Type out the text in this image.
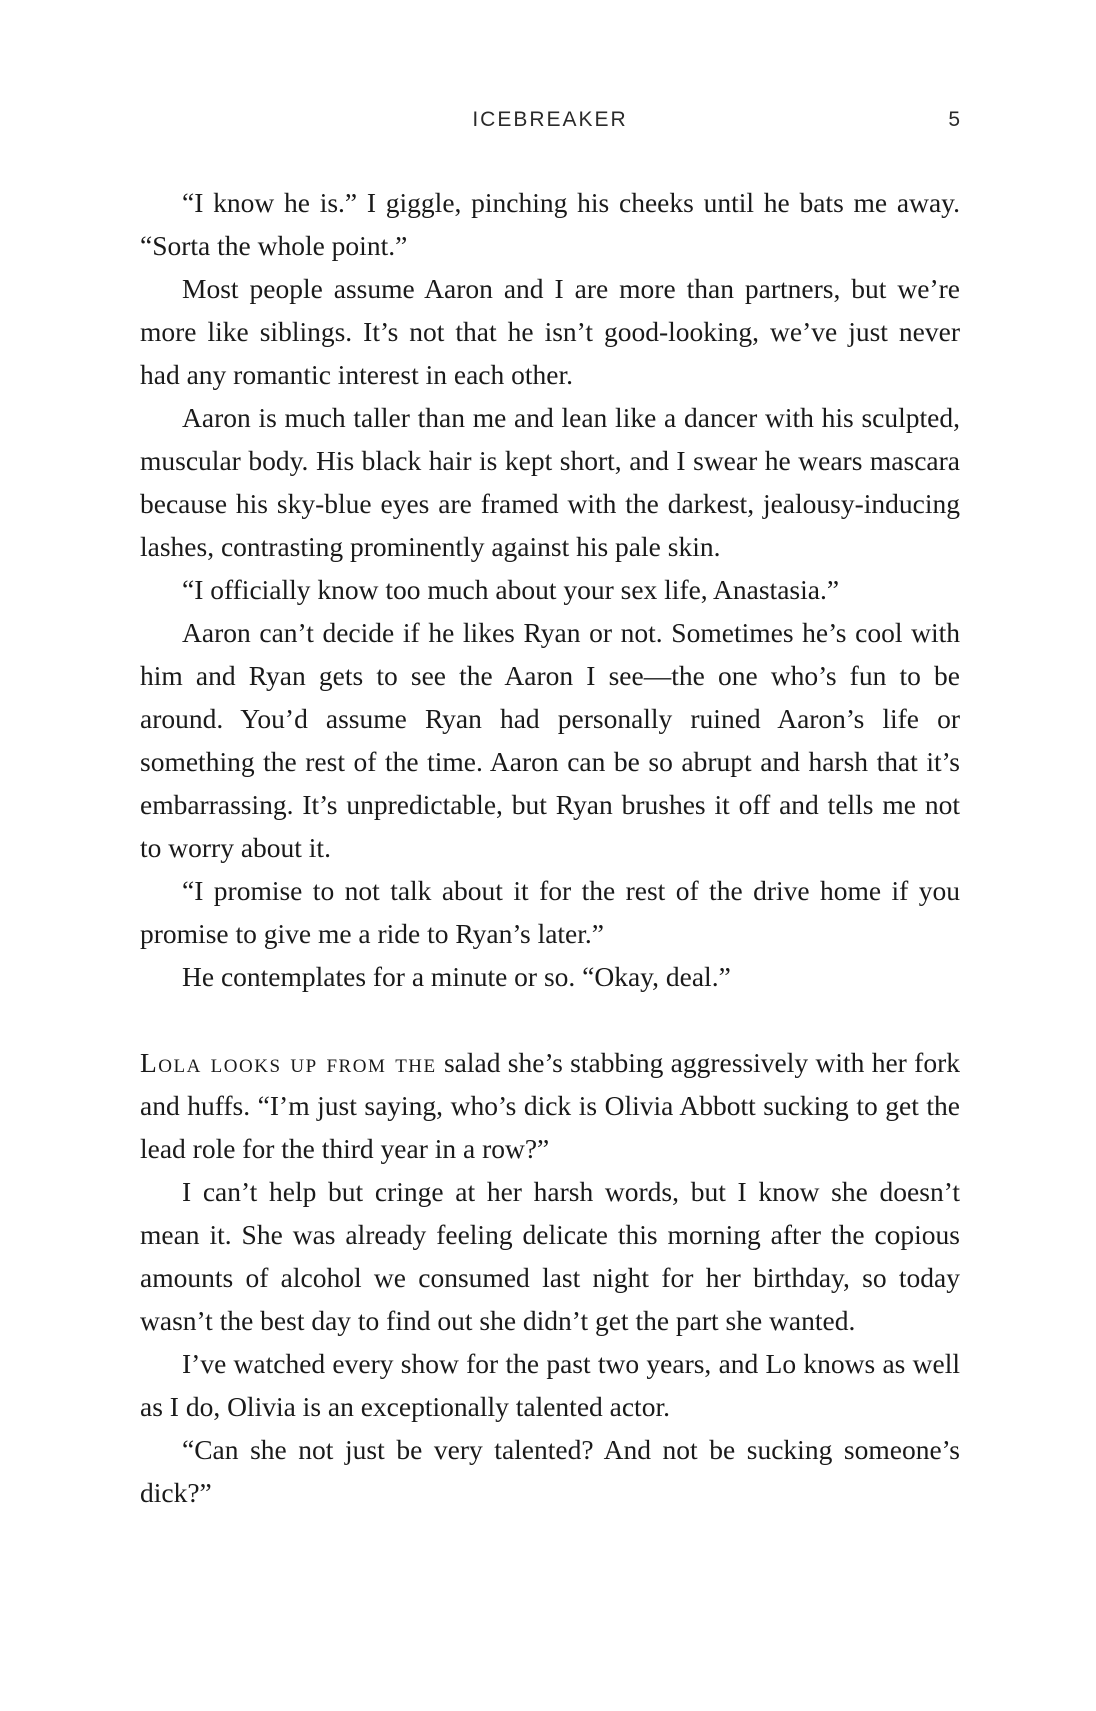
ICEBREAKER	5

“I know he is.” I giggle, pinching his cheeks until he bats me away. “Sorta the whole point.”

Most people assume Aaron and I are more than partners, but we’re more like siblings. It’s not that he isn’t good-looking, we’ve just never had any romantic interest in each other.

Aaron is much taller than me and lean like a dancer with his sculpted, muscular body. His black hair is kept short, and I swear he wears mascara because his sky-blue eyes are framed with the darkest, jealousy-inducing lashes, contrasting prominently against his pale skin.

“I officially know too much about your sex life, Anastasia.”

Aaron can’t decide if he likes Ryan or not. Sometimes he’s cool with him and Ryan gets to see the Aaron I see—the one who’s fun to be around. You’d assume Ryan had personally ruined Aaron’s life or something the rest of the time. Aaron can be so abrupt and harsh that it’s embarrassing. It’s unpredictable, but Ryan brushes it off and tells me not to worry about it.

“I promise to not talk about it for the rest of the drive home if you promise to give me a ride to Ryan’s later.”

He contemplates for a minute or so. “Okay, deal.”

Lola looks up from the salad she’s stabbing aggressively with her fork and huffs. “I’m just saying, who’s dick is Olivia Abbott sucking to get the lead role for the third year in a row?”

I can’t help but cringe at her harsh words, but I know she doesn’t mean it. She was already feeling delicate this morning after the copious amounts of alcohol we consumed last night for her birthday, so today wasn’t the best day to find out she didn’t get the part she wanted.

I’ve watched every show for the past two years, and Lo knows as well as I do, Olivia is an exceptionally talented actor.

“Can she not just be very talented? And not be sucking someone’s dick?”
